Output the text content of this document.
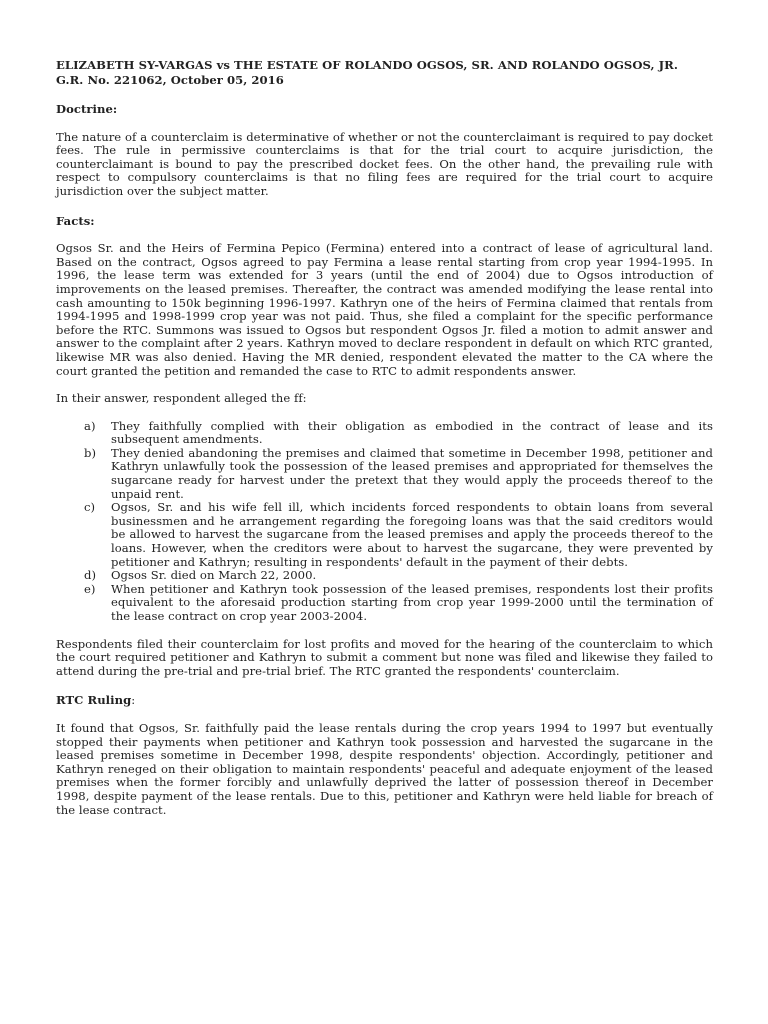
ELIZABETH SY-VARGAS vs THE ESTATE OF ROLANDO OGSOS, SR. AND ROLANDO OGSOS, JR.
G.R. No. 221062, October 05, 2016

Doctrine:

The nature of a counterclaim is determinative of whether or not the counterclaimant is required to pay docket fees. The rule in permissive counterclaims is that for the trial court to acquire jurisdiction, the counterclaimant is bound to pay the prescribed docket fees. On the other hand, the prevailing rule with respect to compulsory counterclaims is that no filing fees are required for the trial court to acquire jurisdiction over the subject matter.

Facts:

Ogsos Sr. and the Heirs of Fermina Pepico (Fermina) entered into a contract of lease of agricultural land. Based on the contract, Ogsos agreed to pay Fermina a lease rental starting from crop year 1994-1995. In 1996, the lease term was extended for 3 years (until the end of 2004) due to Ogsos introduction of improvements on the leased premises. Thereafter, the contract was amended modifying the lease rental into cash amounting to 150k beginning 1996-1997. Kathryn one of the heirs of Fermina claimed that rentals from 1994-1995 and 1998-1999 crop year was not paid. Thus, she filed a complaint for the specific performance before the RTC. Summons was issued to Ogsos but respondent Ogsos Jr. filed a motion to admit answer and answer to the complaint after 2 years. Kathryn moved to declare respondent in default on which RTC granted, likewise MR was also denied. Having the MR denied, respondent elevated the matter to the CA where the court granted the petition and remanded the case to RTC to admit respondents answer.

In their answer, respondent alleged the ff:

a) They faithfully complied with their obligation as embodied in the contract of lease and its subsequent amendments.
b) They denied abandoning the premises and claimed that sometime in December 1998, petitioner and Kathryn unlawfully took the possession of the leased premises and appropriated for themselves the sugarcane ready for harvest under the pretext that they would apply the proceeds thereof to the unpaid rent.
c) Ogsos, Sr. and his wife fell ill, which incidents forced respondents to obtain loans from several businessmen and he arrangement regarding the foregoing loans was that the said creditors would be allowed to harvest the sugarcane from the leased premises and apply the proceeds thereof to the loans. However, when the creditors were about to harvest the sugarcane, they were prevented by petitioner and Kathryn; resulting in respondents' default in the payment of their debts.
d) Ogsos Sr. died on March 22, 2000.
e) When petitioner and Kathryn took possession of the leased premises, respondents lost their profits equivalent to the aforesaid production starting from crop year 1999-2000 until the termination of the lease contract on crop year 2003-2004.

Respondents filed their counterclaim for lost profits and moved for the hearing of the counterclaim to which the court required petitioner and Kathryn to submit a comment but none was filed and likewise they failed to attend during the pre-trial and pre-trial brief. The RTC granted the respondents' counterclaim.

RTC Ruling:

It found that Ogsos, Sr. faithfully paid the lease rentals during the crop years 1994 to 1997 but eventually stopped their payments when petitioner and Kathryn took possession and harvested the sugarcane in the leased premises sometime in December 1998, despite respondents' objection. Accordingly, petitioner and Kathryn reneged on their obligation to maintain respondents' peaceful and adequate enjoyment of the leased premises when the former forcibly and unlawfully deprived the latter of possession thereof in December 1998, despite payment of the lease rentals. Due to this, petitioner and Kathryn were held liable for breach of the lease contract.
